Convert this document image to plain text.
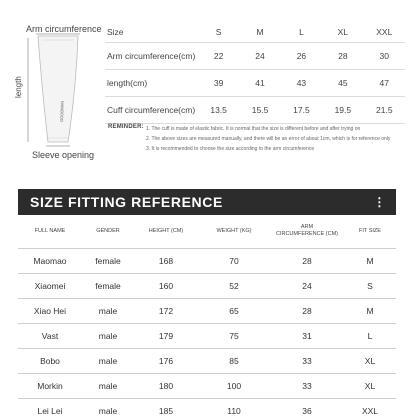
Arm circumference
GOODMAN
length
Sleeve opening
Size	S	M	L	XL	XXL
Arm circumference(cm)	22	24	26	28	30
length(cm)	39	41	43	45	47
Cuff circumference(cm)	13.5	15.5	17.5	19.5	21.5
REMINDER: 1. The cuff is made of elastic fabric. It is normal that the size is different before and after trying on
2. The above sizes are measured manually, and there will be an error of about 1cm, which is for reference only
3. It is recommended to choose the size according to the arm circumference
SIZE FITTING REFERENCE	⋮
FULL NAME	GENDER	HEIGHT (CM)	WEIGHT (KG)	ARM
CIRCUMFERENCE (CM)	FIT SIZE
Maomao	female	168	70	28	M
Xiaomei	female	160	52	24	S
Xiao Hei	male	172	65	28	M
Vast	male	179	75	31	L
Bobo	male	176	85	33	XL
Morkin	male	180	100	33	XL
Lei Lei	male	185	110	36	XXL
